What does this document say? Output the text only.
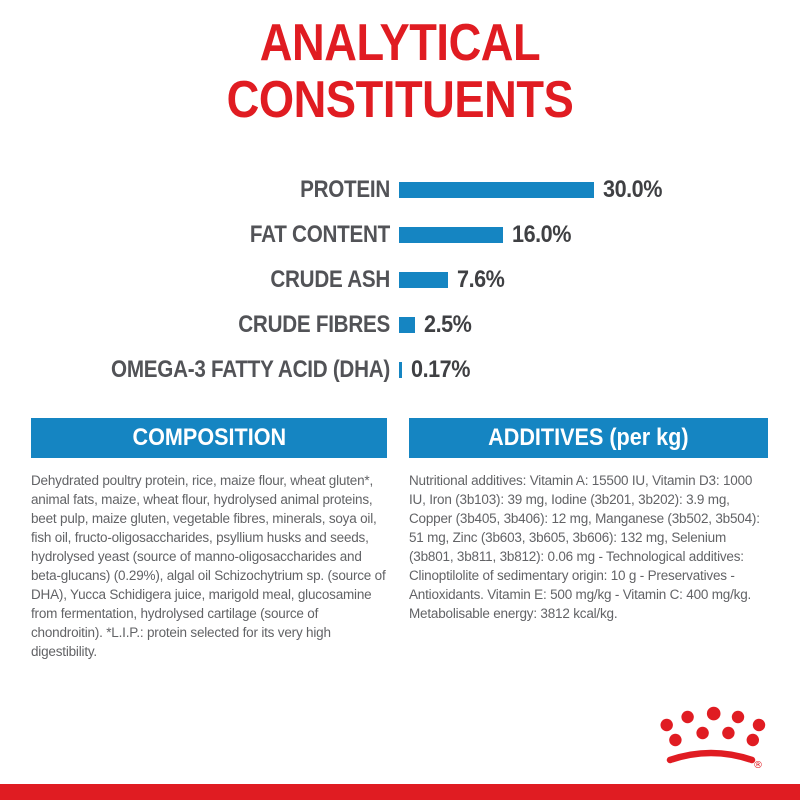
ANALYTICAL
CONSTITUENTS
PROTEIN	30.0%
FAT CONTENT	16.0%
CRUDE ASH	7.6%
CRUDE FIBRES 2.5%
OMEGA-3 FATTY ACID (DHA) 0.17%
COMPOSITION
Dehydrated poultry protein, rice, maize flour, wheat gluten*, animal fats, maize, wheat flour, hydrolysed animal proteins, beet pulp, maize gluten, vegetable fibres, minerals, soya oil, fish oil, fructo-oligosaccharides, psyllium husks and seeds, hydrolysed yeast (source of manno-oligosaccharides and beta-glucans) (0.29%), algal oil Schizochytrium sp. (source of DHA), Yucca Schidigera juice, marigold meal, glucosamine from fermentation, hydrolysed cartilage (source of chondroitin). *L.I.P.: protein selected for its very high digestibility.
ADDITIVES (per kg)
Nutritional additives: Vitamin A: 15500 IU, Vitamin D3: 1000 IU, Iron (3b103): 39 mg, Iodine (3b201, 3b202): 3.9 mg, Copper (3b405, 3b406): 12 mg, Manganese (3b502, 3b504): 51 mg, Zinc (3b603, 3b605, 3b606): 132 mg, Selenium (3b801, 3b811, 3b812): 0.06 mg - Technological additives: Clinoptilolite of sedimentary origin: 10 g - Preservatives - Antioxidants. Vitamin E: 500 mg/kg - Vitamin C: 400 mg/kg. Metabolisable energy: 3812 kcal/kg.
®
